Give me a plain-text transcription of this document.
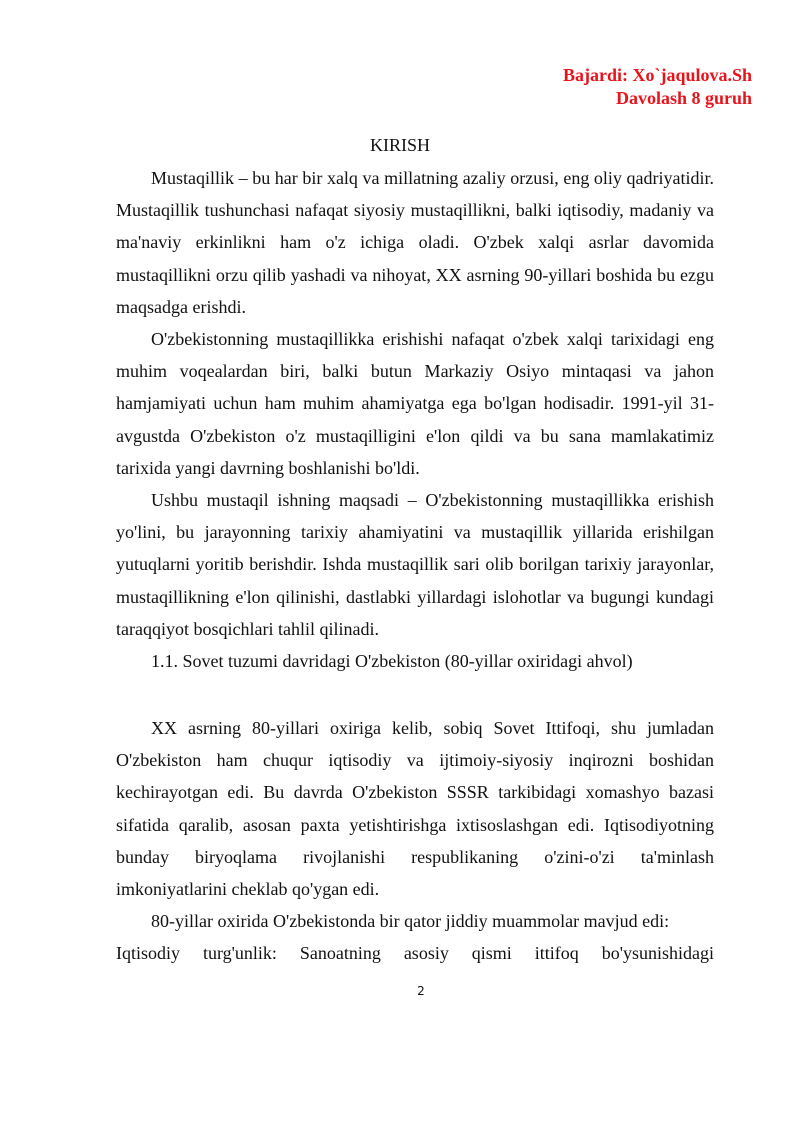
Bajardi: Xo`jaqulova.Sh
Davolash 8 guruh
KIRISH

Mustaqillik – bu har bir xalq va millatning azaliy orzusi, eng oliy qadriyatidir. Mustaqillik tushunchasi nafaqat siyosiy mustaqillikni, balki iqtisodiy, madaniy va ma'naviy erkinlikni ham o'z ichiga oladi. O'zbek xalqi asrlar davomida mustaqillikni orzu qilib yashadi va nihoyat, XX asrning 90-yillari boshida bu ezgu maqsadga erishdi.

O'zbekistonning mustaqillikka erishishi nafaqat o'zbek xalqi tarixidagi eng muhim voqealardan biri, balki butun Markaziy Osiyo mintaqasi va jahon hamjamiyati uchun ham muhim ahamiyatga ega bo'lgan hodisadir. 1991-yil 31-avgustda O'zbekiston o'z mustaqilligini e'lon qildi va bu sana mamlakatimiz tarixida yangi davrning boshlanishi bo'ldi.

Ushbu mustaqil ishning maqsadi – O'zbekistonning mustaqillikka erishish yo'lini, bu jarayonning tarixiy ahamiyatini va mustaqillik yillarida erishilgan yutuqlarni yoritib berishdir. Ishda mustaqillik sari olib borilgan tarixiy jarayonlar, mustaqillikning e'lon qilinishi, dastlabki yillardagi islohotlar va bugungi kundagi taraqqiyot bosqichlari tahlil qilinadi.

1.1. Sovet tuzumi davridagi O'zbekiston (80-yillar oxiridagi ahvol)

XX asrning 80-yillari oxiriga kelib, sobiq Sovet Ittifoqi, shu jumladan O'zbekiston ham chuqur iqtisodiy va ijtimoiy-siyosiy inqirozni boshidan kechirayotgan edi. Bu davrda O'zbekiston SSSR tarkibidagi xomashyo bazasi sifatida qaralib, asosan paxta yetishtirishga ixtisoslashgan edi. Iqtisodiyotning bunday biryoqlama rivojlanishi respublikaning o'zini-o'zi ta'minlash imkoniyatlarini cheklab qo'ygan edi.

80-yillar oxirida O'zbekistonda bir qator jiddiy muammolar mavjud edi:

Iqtisodiy turg'unlik: Sanoatning asosiy qismi ittifoq bo'ysunishidagi

2
